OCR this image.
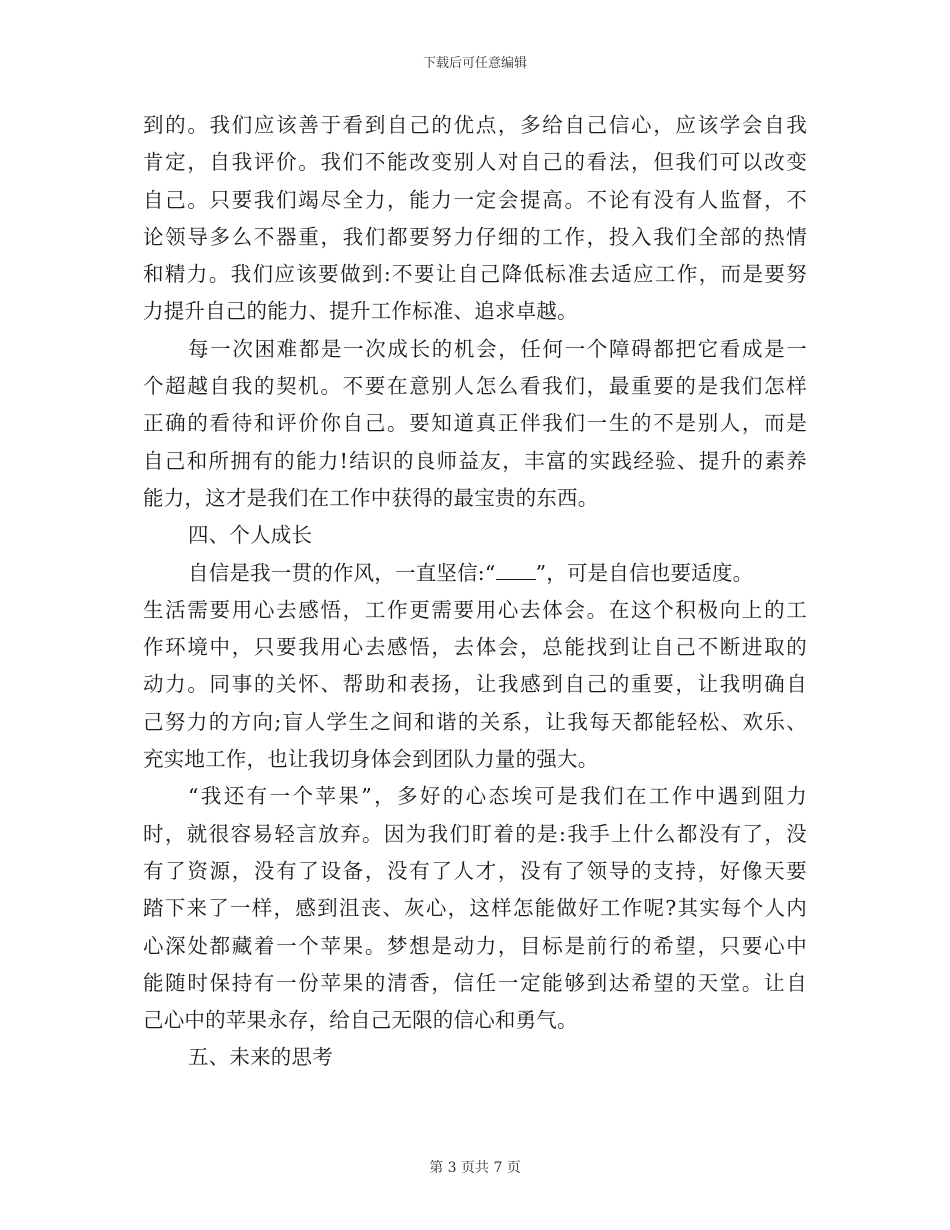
下载后可任意编辑
到的。我们应该善于看到自己的优点，多给自己信心，应该学会自我
肯定，自我评价。我们不能改变别人对自己的看法，但我们可以改变
自己。只要我们竭尽全力，能力一定会提高。不论有没有人监督，不
论领导多么不器重，我们都要努力仔细的工作，投入我们全部的热情
和精力。我们应该要做到:不要让自己降低标准去适应工作，而是要努
力提升自己的能力、提升工作标准、追求卓越。
每一次困难都是一次成长的机会，任何一个障碍都把它看成是一
个超越自我的契机。不要在意别人怎么看我们，最重要的是我们怎样
正确的看待和评价你自己。要知道真正伴我们一生的不是别人，而是
自己和所拥有的能力!结识的良师益友，丰富的实践经验、提升的素养
能力，这才是我们在工作中获得的最宝贵的东西。
四、个人成长
自信是我一贯的作风，一直坚信:“ ”，可是自信也要适度。
生活需要用心去感悟，工作更需要用心去体会。在这个积极向上的工
作环境中，只要我用心去感悟，去体会，总能找到让自己不断进取的
动力。同事的关怀、帮助和表扬，让我感到自己的重要，让我明确自
己努力的方向;盲人学生之间和谐的关系，让我每天都能轻松、欢乐、
充实地工作，也让我切身体会到团队力量的强大。
“我还有一个苹果”，多好的心态埃可是我们在工作中遇到阻力
时，就很容易轻言放弃。因为我们盯着的是:我手上什么都没有了，没
有了资源，没有了设备，没有了人才，没有了领导的支持，好像天要
踏下来了一样，感到沮丧、灰心，这样怎能做好工作呢?其实每个人内
心深处都藏着一个苹果。梦想是动力，目标是前行的希望，只要心中
能随时保持有一份苹果的清香，信任一定能够到达希望的天堂。让自
己心中的苹果永存，给自己无限的信心和勇气。
五、未来的思考
第 3 页共 7 页
